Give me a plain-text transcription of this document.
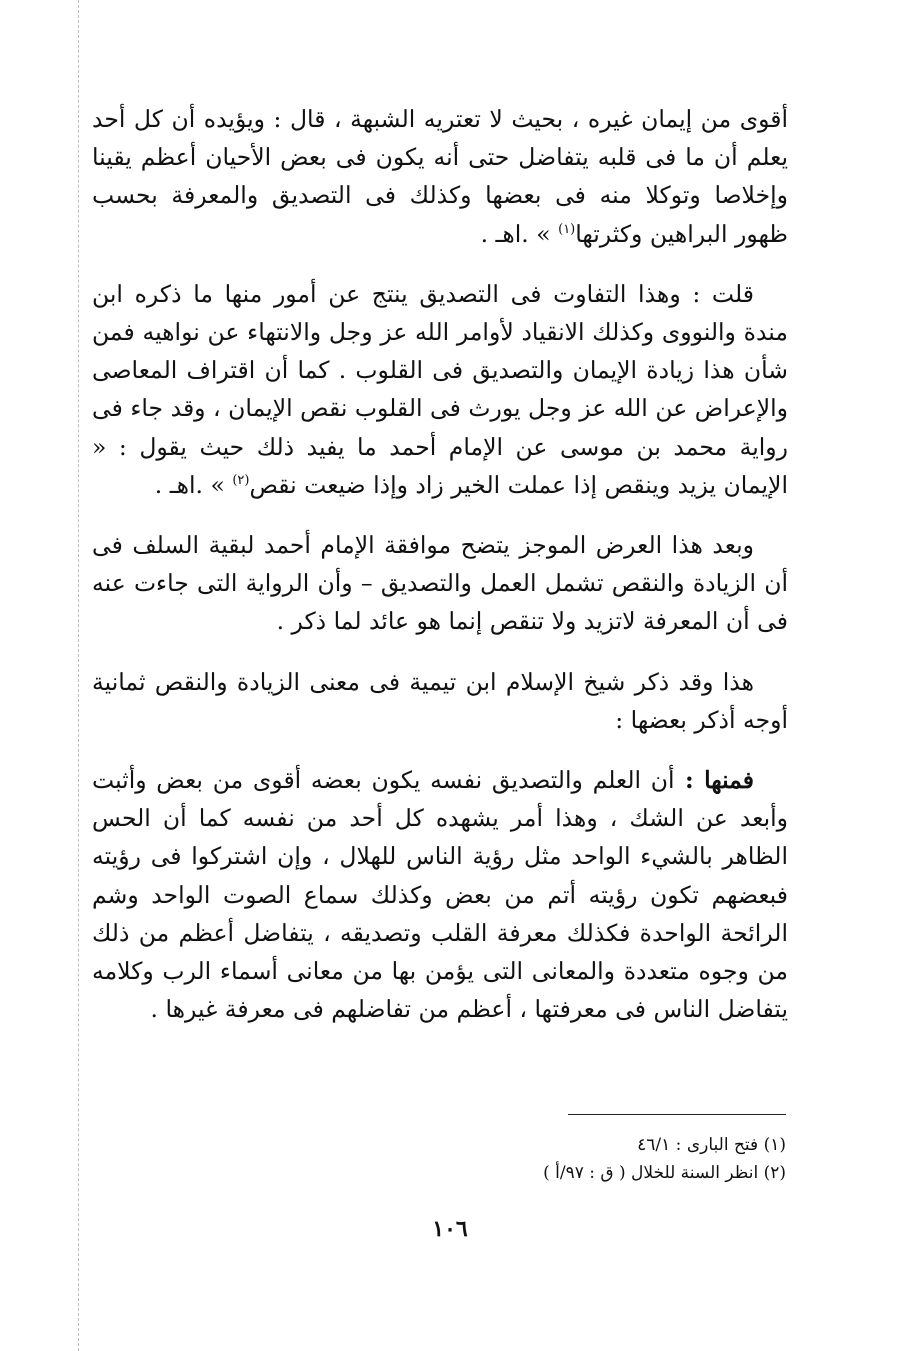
أقوى من إيمان غيره ، بحيث لا تعتريه الشبهة ، قال : ويؤيده أن كل أحد يعلم أن ما فى قلبه يتفاضل حتى أنه يكون فى بعض الأحيان أعظم يقينا وإخلاصا وتوكلا منه فى بعضها وكذلك فى التصديق والمعرفة بحسب ظهور البراهين وكثرتها$^{(١)}$ » .اهـ .

قلت : وهذا التفاوت فى التصديق ينتج عن أمور منها ما ذكره ابن مندة والنووى وكذلك الانقياد لأوامر الله عز وجل والانتهاء عن نواهيه فمن شأن هذا زيادة الإيمان والتصديق فى القلوب . كما أن اقتراف المعاصى والإعراض عن الله عز وجل يورث فى القلوب نقص الإيمان ، وقد جاء فى رواية محمد بن موسى عن الإمام أحمد ما يفيد ذلك حيث يقول : « الإيمان يزيد وينقص إذا عملت الخير زاد وإذا ضيعت نقص$^{(٢)}$ » .اهـ .

وبعد هذا العرض الموجز يتضح موافقة الإمام أحمد لبقية السلف فى أن الزيادة والنقص تشمل العمل والتصديق – وأن الرواية التى جاءت عنه فى أن المعرفة لاتزيد ولا تنقص إنما هو عائد لما ذكر .

هذا وقد ذكر شيخ الإسلام ابن تيمية فى معنى الزيادة والنقص ثمانية أوجه أذكر بعضها :

فمنها : أن العلم والتصديق نفسه يكون بعضه أقوى من بعض وأثبت وأبعد عن الشك ، وهذا أمر يشهده كل أحد من نفسه كما أن الحس الظاهر بالشيء الواحد مثل رؤية الناس للهلال ، وإن اشتركوا فى رؤيته فبعضهم تكون رؤيته أتم من بعض وكذلك سماع الصوت الواحد وشم الرائحة الواحدة فكذلك معرفة القلب وتصديقه ، يتفاضل أعظم من ذلك من وجوه متعددة والمعانى التى يؤمن بها من معانى أسماء الرب وكلامه يتفاضل الناس فى معرفتها ، أعظم من تفاضلهم فى معرفة غيرها .

(١) فتح البارى : ٤٦/١

(٢) انظر السنة للخلال ( ق : ٩٧/أ )

١٠٦
